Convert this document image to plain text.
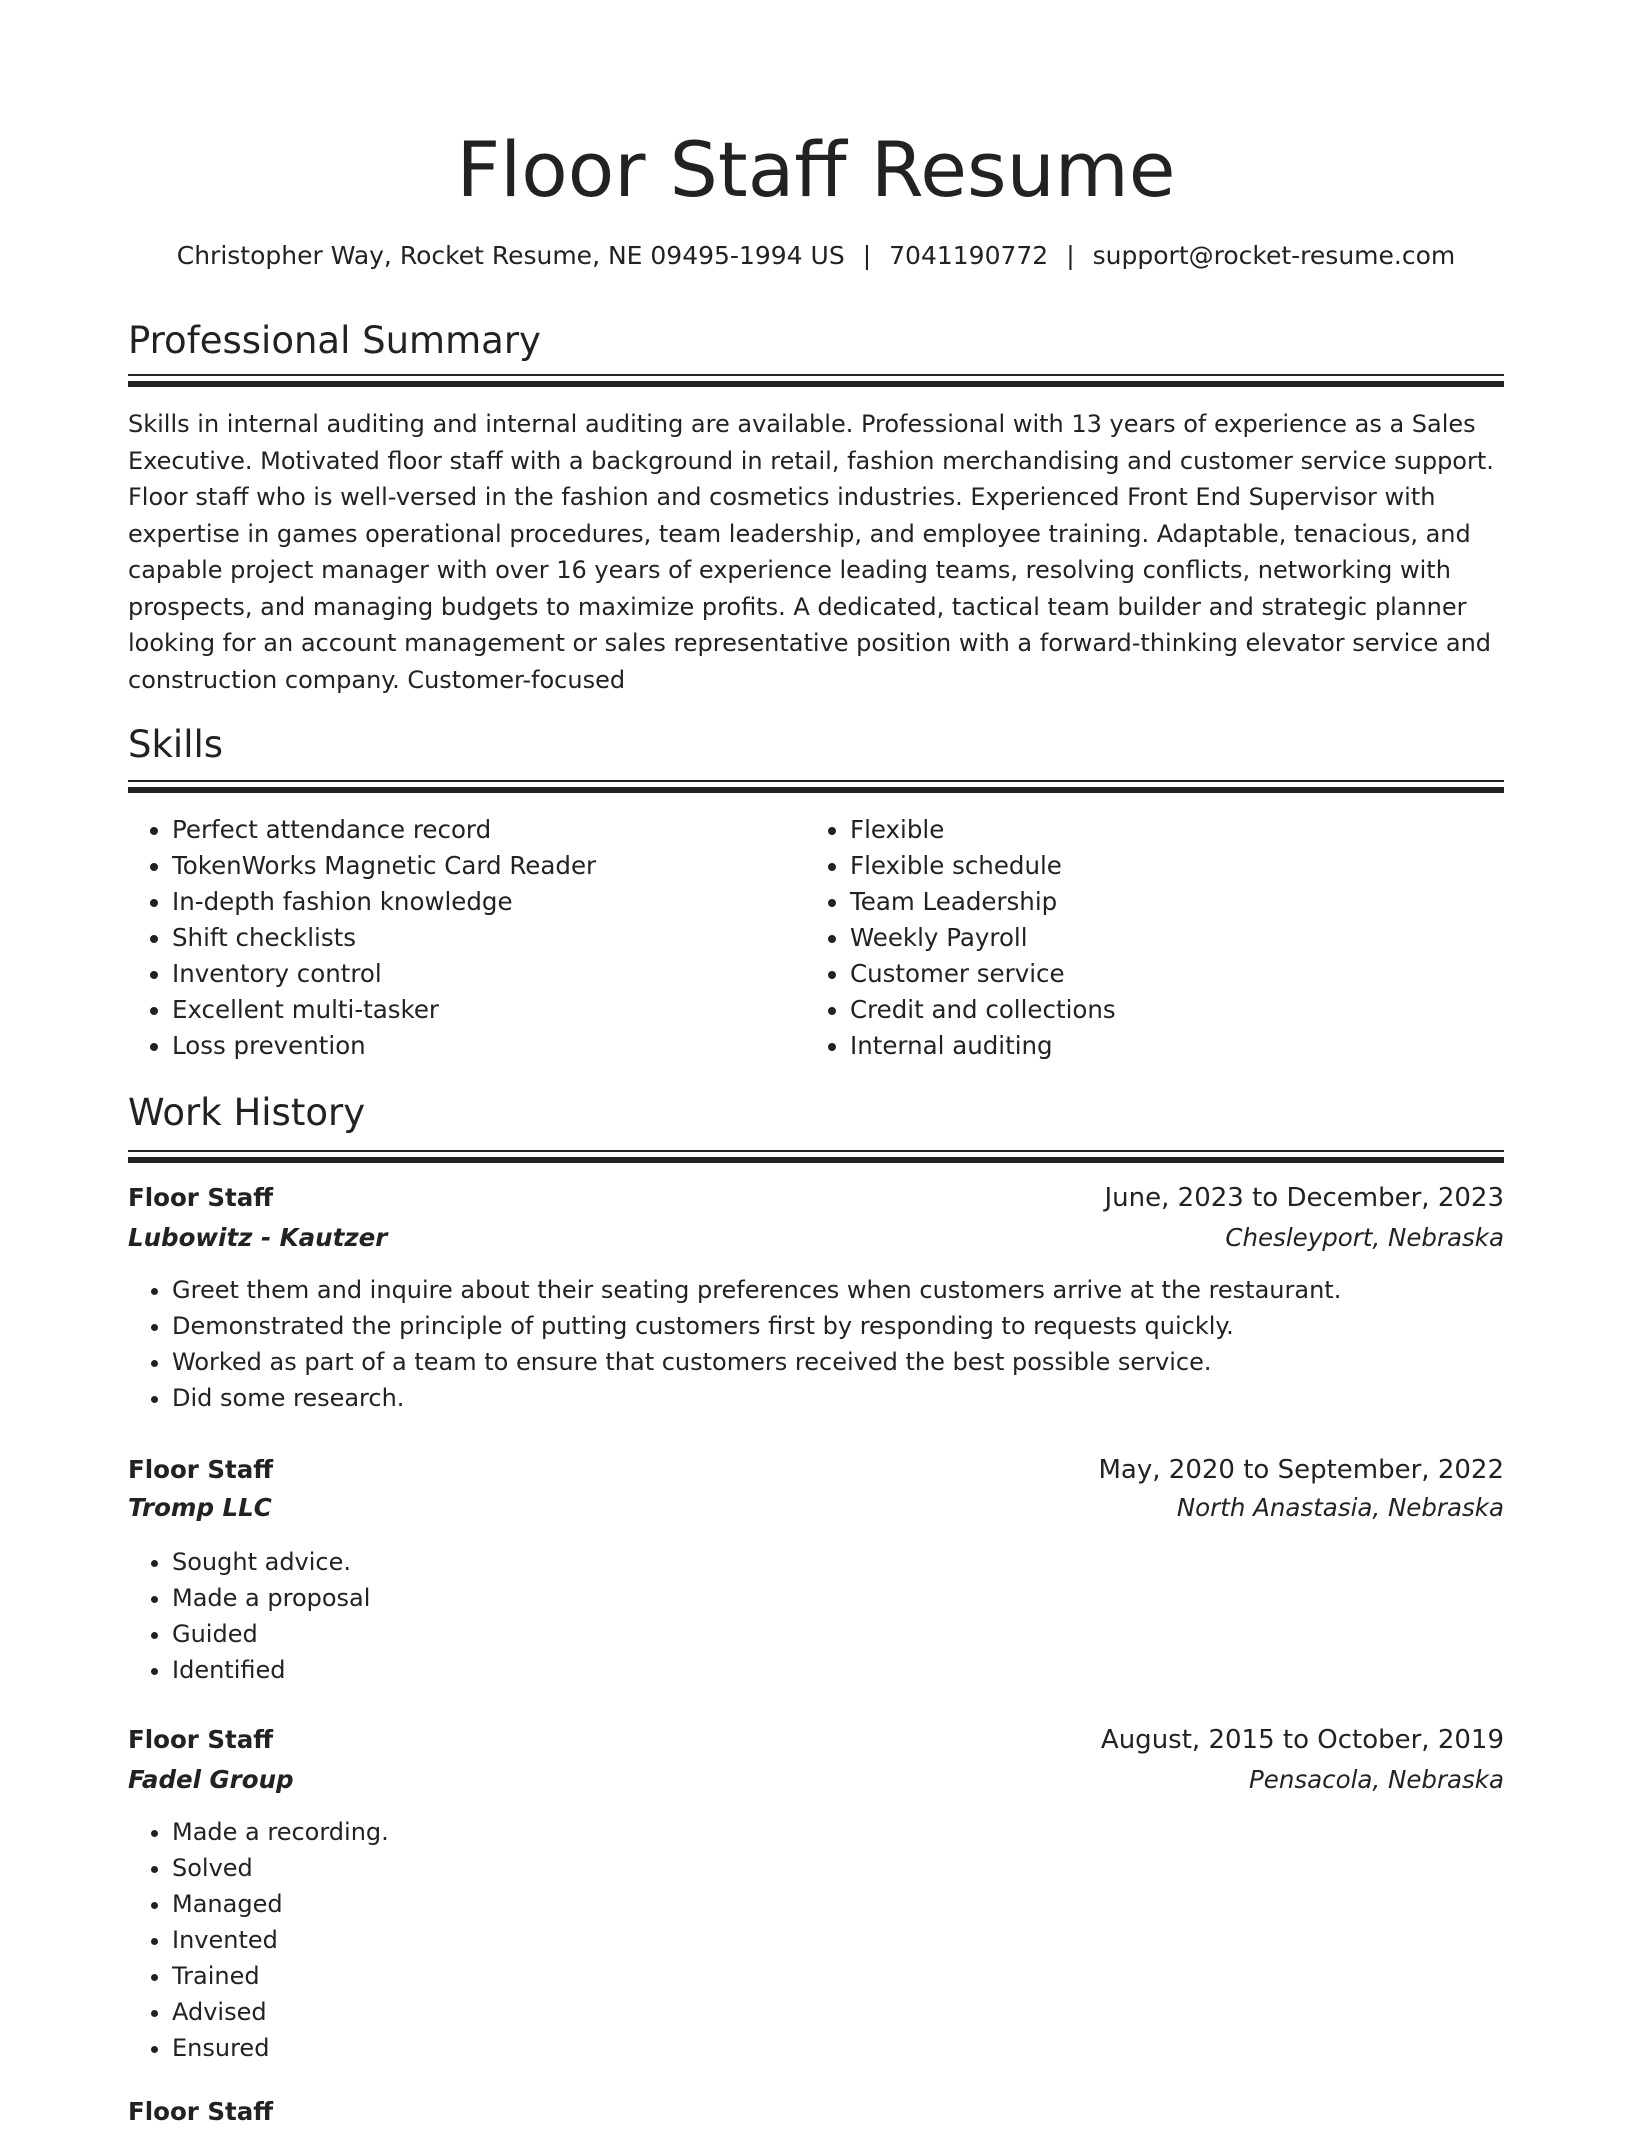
Floor Staff Resume
Christopher Way, Rocket Resume, NE 09495-1994 US | 7041190772 | support@rocket-resume.com
Professional Summary

Skills in internal auditing and internal auditing are available. Professional with 13 years of experience as a Sales Executive. Motivated floor staff with a background in retail, fashion merchandising and customer service support. Floor staff who is well-versed in the fashion and cosmetics industries. Experienced Front End Supervisor with expertise in games operational procedures, team leadership, and employee training. Adaptable, tenacious, and capable project manager with over 16 years of experience leading teams, resolving conflicts, networking with prospects, and managing budgets to maximize profits. A dedicated, tactical team builder and strategic planner looking for an account management or sales representative position with a forward-thinking elevator service and construction company. Customer-focused

Skills
• Perfect attendance record
• TokenWorks Magnetic Card Reader
• In-depth fashion knowledge
• Shift checklists
• Inventory control
• Excellent multi-tasker
• Loss prevention
• Flexible
• Flexible schedule
• Team Leadership
• Weekly Payroll
• Customer service
• Credit and collections
• Internal auditing
Work History
Floor Staff	June, 2023 to December, 2023
Lubowitz - Kautzer	Chesleyport, Nebraska
• Greet them and inquire about their seating preferences when customers arrive at the restaurant.
• Demonstrated the principle of putting customers first by responding to requests quickly.
• Worked as part of a team to ensure that customers received the best possible service.
• Did some research.
Floor Staff	May, 2020 to September, 2022
Tromp LLC	North Anastasia, Nebraska
• Sought advice.
• Made a proposal
• Guided
• Identified
Floor Staff	August, 2015 to October, 2019
Fadel Group	Pensacola, Nebraska
• Made a recording.
• Solved
• Managed
• Invented
• Trained
• Advised
• Ensured
Floor Staff
